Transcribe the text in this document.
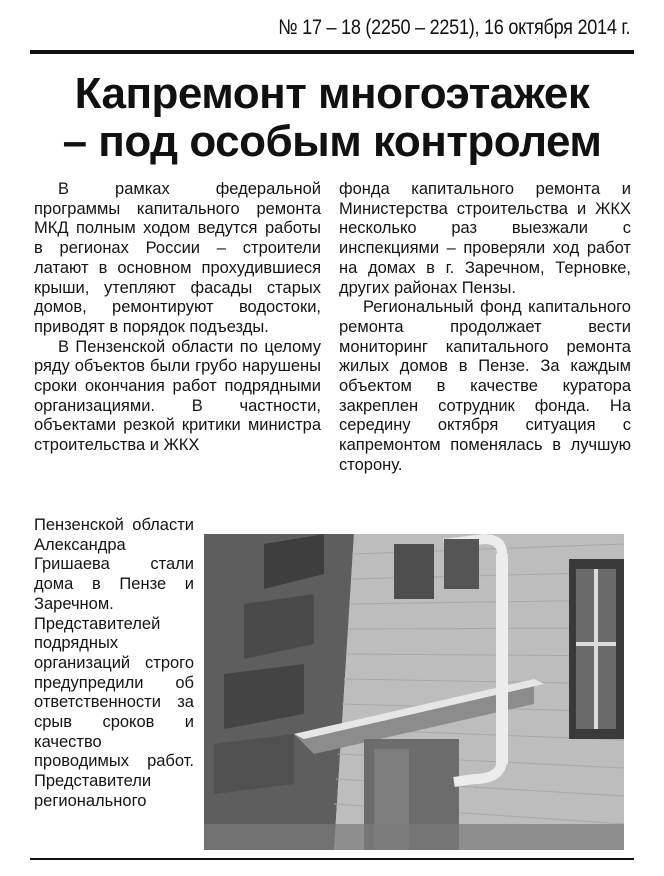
№ 17 – 18 (2250 – 2251), 16 октября 2014 г.
Капремонт многоэтажек
– под особым контролем

В рамках федеральной программы капитального ремонта МКД полным ходом ведутся работы в регионах России – строители латают в основном прохудившиеся крыши, утепляют фасады старых домов, ремонтируют водостоки, приводят в порядок подъезды.

В Пензенской области по целому ряду объектов были грубо нарушены сроки окончания работ подрядными организациями. В частности, объектами резкой критики министра строительства и ЖКХ

Пензенской области Александра Гришаева стали дома в Пензе и Заречном. Представителей подрядных организаций строго предупредили об ответственности за срыв сроков и качество проводимых работ. Представители регионального

фонда капитального ремонта и Министерства строительства и ЖКХ несколько раз выезжали с инспекциями – проверяли ход работ на домах в г. Заречном, Терновке, других районах Пензы.

Региональный фонд капитального ремонта продолжает вести мониторинг капитального ремонта жилых домов в Пензе. За каждым объектом в качестве куратора закреплен сотрудник фонда. На середину октября ситуация с капремонтом поменялась в лучшую сторону.
